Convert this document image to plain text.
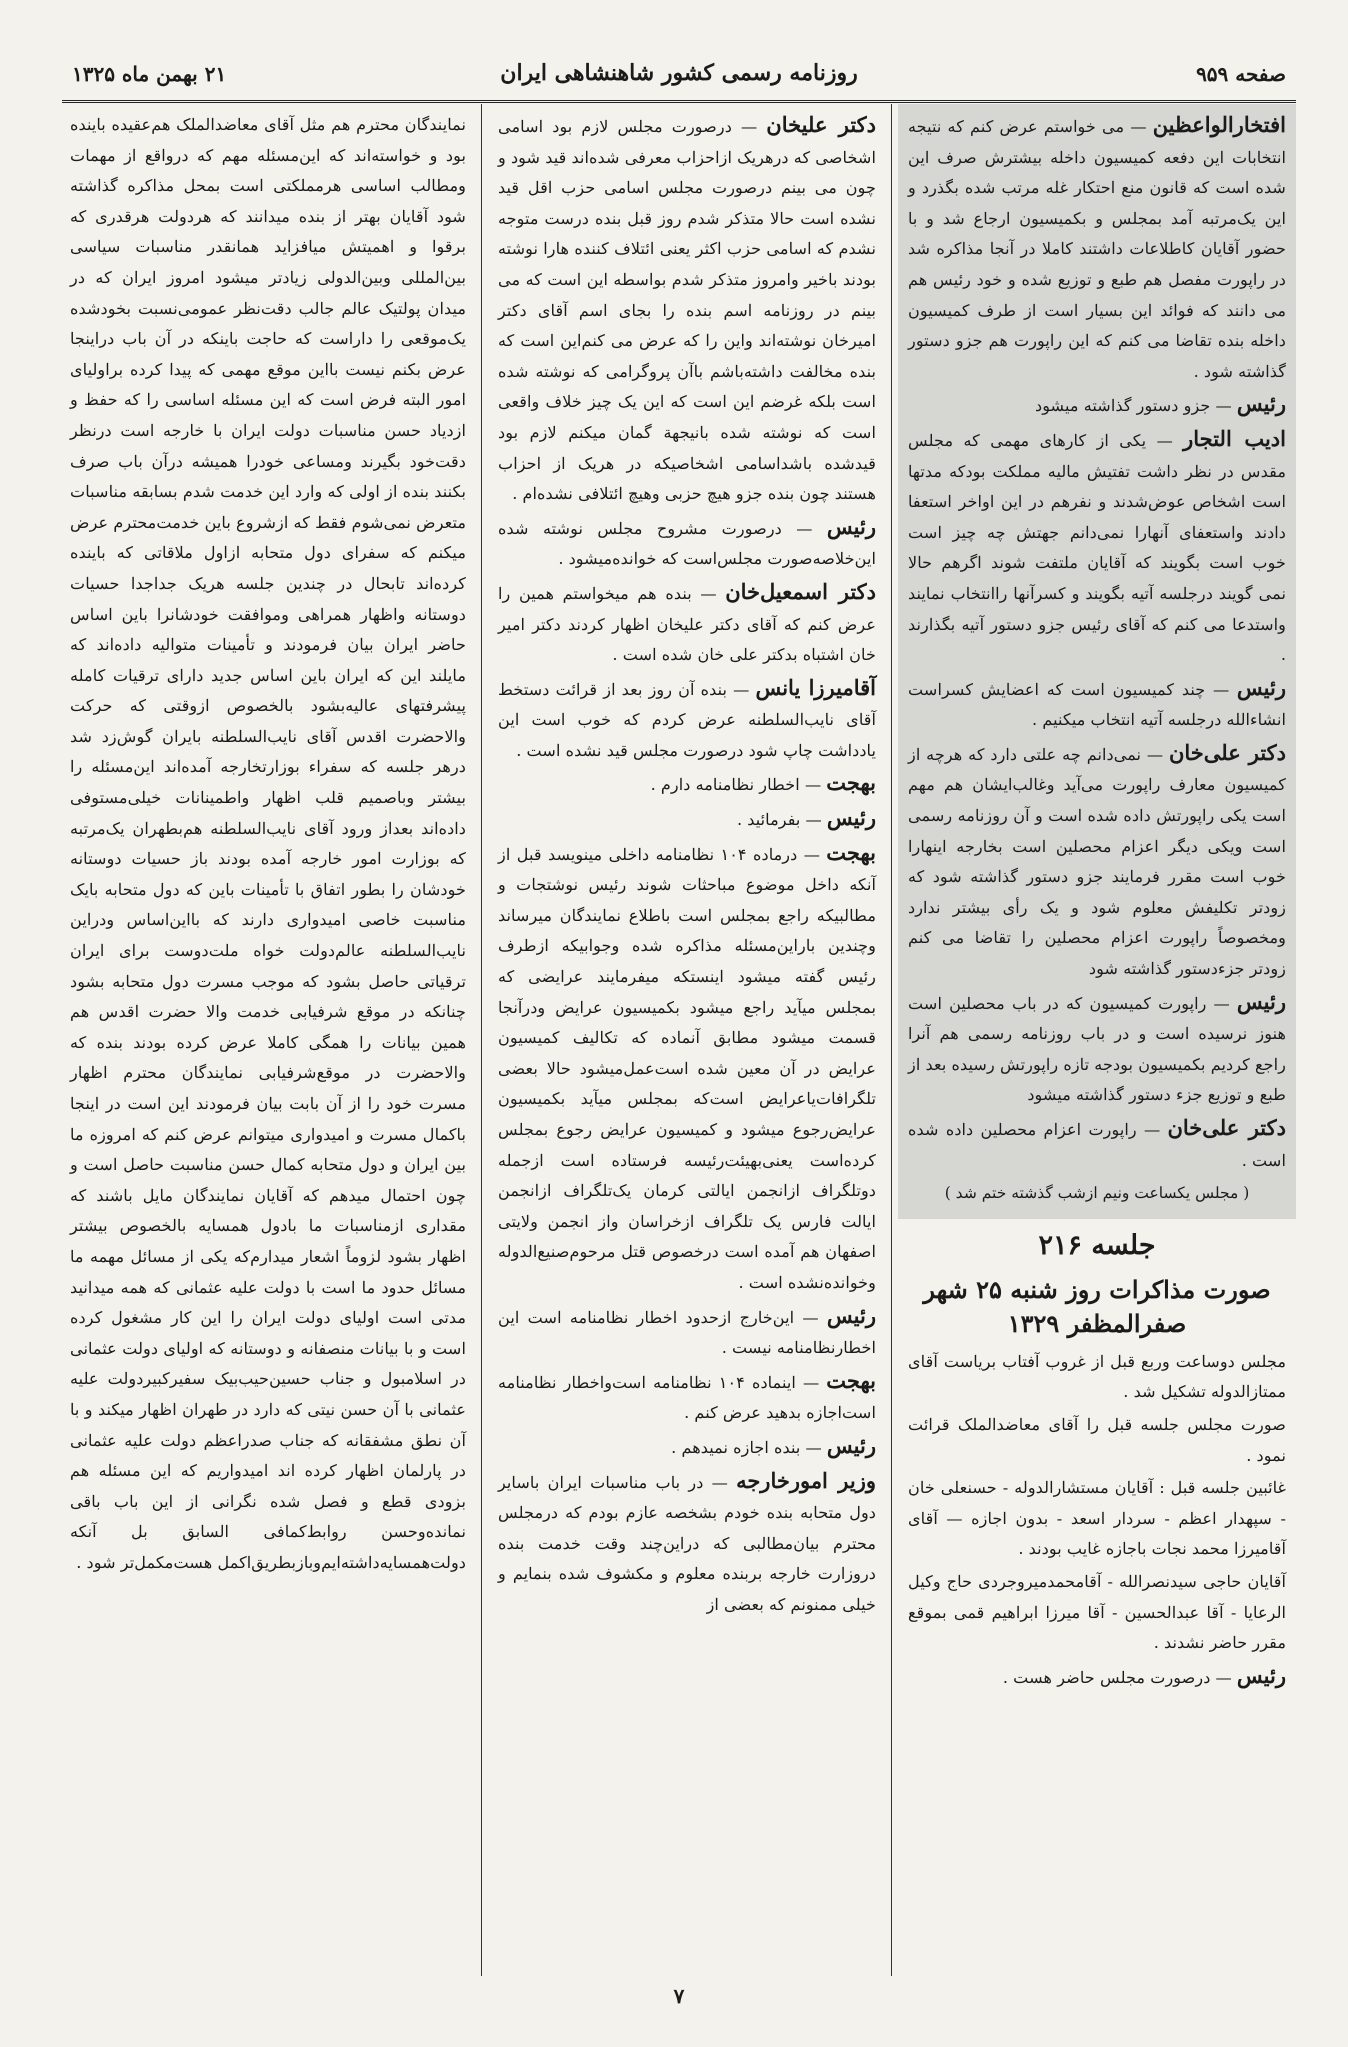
صفحه ۹۵۹
روزنامه رسمی کشور شاهنشاهی ایران
۲۱ بهمن ماه ۱۳۲۵

افتخارالواعظین — می خواستم عرض کنم که نتیجه انتخابات این دفعه کمیسیون داخله بیشترش صرف این شده است که قانون منع احتکار غله مرتب شده بگذرد و این یک‌مرتبه آمد بمجلس و بکمیسیون ارجاع شد و با حضور آقایان کاطلاعات داشتند کاملا در آنجا مذاکره شد در راپورت مفصل هم طبع و توزیع شده و خود رئیس هم می دانند که فوائد این بسیار است از طرف کمیسیون داخله بنده تقاضا می کنم که این راپورت هم جزو دستور گذاشته شود .

رئیس — جزو دستور گذاشته میشود

ادیب التجار — یکی از کارهای مهمی که مجلس مقدس در نظر داشت تفتیش مالیه مملکت بودکه مدتها است اشخاص عوض‌شدند و نفرهم در این اواخر استعفا دادند واستعفای آنهارا نمی‌دانم جهتش چه چیز است خوب است بگویند که آقایان ملتفت شوند اگرهم حالا نمی گویند درجلسه آتیه بگویند و کسرآنها راانتخاب نمایند واستدعا می کنم که آقای رئیس جزو دستور آتیه بگذارند .

رئیس — چند کمیسیون است که اعضایش کسراست انشاءالله درجلسه آتیه انتخاب میکنیم .

دکتر علی‌خان — نمی‌دانم چه علتی دارد که هرچه از کمیسیون معارف راپورت می‌آید وغالب‌ایشان هم مهم است یکی راپورتش داده شده است و آن روزنامه رسمی است ویکی دیگر اعزام محصلین است بخارجه اینهارا خوب است مقرر فرمایند جزو دستور گذاشته شود که زودتر تکلیفش معلوم شود و یک رأی بیشتر ندارد ومخصوصاً راپورت اعزام محصلین را تقاضا می کنم زودتر جزءدستور گذاشته شود

رئیس — راپورت کمیسیون که در باب محصلین است هنوز نرسیده است و در باب روزنامه رسمی هم آنرا راجع کردیم بکمیسیون بودجه تازه راپورتش رسیده بعد از طبع و توزیع جزء دستور گذاشته میشود

دکتر علی‌خان — راپورت اعزام محصلین داده شده است .

( مجلس یکساعت ونیم ازشب گذشته ختم شد )

جلسه ۲۱۶
صورت مذاکرات روز شنبه ۲۵ شهر صفرالمظفر ۱۳۲۹

مجلس دوساعت وربع قبل از غروب آفتاب بریاست آقای ممتازالدوله تشکیل شد .

صورت مجلس جلسه قبل را آقای معاضدالملک قرائت نمود .

غائبین جلسه قبل : آقایان مستشارالدوله - حسنعلی خان - سپهدار اعظم - سردار اسعد - بدون اجازه — آقای آقامیرزا محمد نجات باجازه غایب بودند .

آقایان حاجی سیدنصرالله - آقامحمدمیروجردی حاج وکیل الرعایا - آقا عبدالحسین - آقا میرزا ابراهیم قمی بموقع مقرر حاضر نشدند .

رئیس — درصورت مجلس حاضر هست .

دکتر علیخان — درصورت مجلس لازم بود اسامی اشخاصی که درهریک ازاحزاب معرفی شده‌اند قید شود و چون می بینم درصورت مجلس اسامی حزب اقل قید نشده است حالا متذکر شدم روز قبل بنده درست متوجه نشدم که اسامی حزب اکثر یعنی ائتلاف کننده هارا نوشته بودند باخیر وامروز متذکر شدم بواسطه این است که می بینم در روزنامه اسم بنده را بجای اسم آقای دکتر امیرخان نوشته‌اند واین را که عرض می کنم‌این است که بنده مخالفت داشته‌باشم باآن پروگرامی که نوشته شده است بلکه غرضم این است که این یک چیز خلاف واقعی است که نوشته شده بانیجهة گمان میکنم لازم بود قیدشده باشداسامی اشخاصیکه در هریک از احزاب هستند چون بنده جزو هیچ حزبی وهیچ ائتلافی نشده‌ام .

رئیس — درصورت مشروح مجلس نوشته شده این‌خلاصه‌صورت مجلس‌است که خوانده‌میشود .

دکتر اسمعیل‌خان — بنده هم میخواستم همین را عرض کنم که آقای دکتر علیخان اظهار کردند دکتر امیر خان اشتباه بدکتر علی خان شده است .

آقامیرزا یانس — بنده آن روز بعد از قرائت دستخط آقای نایب‌السلطنه عرض کردم که خوب است این یادداشت چاپ شود درصورت مجلس قید نشده است .

بهجت — اخطار نظامنامه دارم .

رئیس — بفرمائید .

بهجت — درماده ۱۰۴ نظامنامه داخلی مینویسد قبل از آنکه داخل موضوع مباحثات شوند رئیس نوشتجات و مطالبیکه راجع بمجلس است باطلاع نمایندگان میرساند وچندین بار‌این‌مسئله مذاکره شده وجوابیکه ازطرف رئیس گفته میشود اینستکه میفرمایند عرایضی که بمجلس میآید راجع میشود بکمیسیون عرایض ودرآنجا قسمت میشود مطابق آنماده که تکالیف کمیسیون عرایض در آن معین شده است‌عمل‌میشود حالا بعضی تلگرافات‌یاعرایض است‌که بمجلس میآید بکمیسیون عرایض‌رجوع میشود و کمیسیون عرایض رجوع بمجلس کرده‌است یعنی‌بهیئت‌رئیسه فرستاده است ازجمله دوتلگراف ازانجمن ایالتی کرمان یک‌تلگراف ازانجمن ایالت فارس یک تلگراف ازخراسان واز انجمن ولایتی اصفهان هم آمده است درخصوص قتل مرحوم‌صنیع‌الدوله وخوانده‌نشده است .

رئیس — این‌خارج ازحدود اخطار نظامنامه است این اخطارنظامنامه نیست .

بهجت — اینماده ۱۰۴ نظامنامه است‌واخطار نظامنامه است‌اجازه بدهید عرض کنم .

رئیس — بنده اجازه نمیدهم .

وزیر امورخارجه — در باب مناسبات ایران باسایر دول متحابه بنده خودم بشخصه عازم بودم که درمجلس محترم بیان‌مطالبی که دراین‌چند وقت خدمت بنده دروزارت خارجه بربنده معلوم و مکشوف شده بنمایم و خیلی ممنونم که بعضی از

نمایندگان محترم هم مثل آقای معاضدالملک هم‌عقیده باینده بود و خواسته‌اند که این‌مسئله مهم که درواقع از مهمات ومطالب اساسی هرمملکتی است بمحل مذاکره گذاشته شود آقایان بهتر از بنده میدانند که هردولت هرقدری که برقوا و اهمیتش میافزاید همانقدر مناسبات سیاسی بین‌المللی وبین‌الدولی زیادتر میشود امروز ایران که در میدان پولتیک عالم جالب دقت‌نظر عمومی‌نسبت بخودشده یک‌موقعی را داراست که حاجت باینکه در آن باب دراینجا عرض بکنم نیست بااین موقع مهمی که پیدا کرده براولیای امور البته فرض است که این مسئله اساسی را که حفظ و ازدیاد حسن مناسبات دولت ایران با خارجه است درنظر دقت‌خود بگیرند ومساعی خودرا همیشه درآن باب صرف بکنند بنده از اولی که وارد این خدمت شدم بسابقه مناسبات متعرض نمی‌شوم فقط که ازشروع باین خدمت‌محترم عرض میکنم که سفرای دول متحابه ازاول ملاقاتی که باینده کرده‌اند تابحال در چندین جلسه هریک جداجدا حسیات دوستانه واظهار همراهی وموافقت خودشانرا باین اساس حاضر ایران بیان فرمودند و تأمینات متوالیه داده‌اند که مایلند این که ایران باین اساس جدید دارای ترقیات کامله پیشرفتهای عالیه‌بشود بالخصوص ازوقتی که حرکت والاحضرت اقدس آقای نایب‌السلطنه بایران گوش‌زد شد درهر جلسه که سفراء بوزارتخارجه آمده‌اند این‌مسئله را بیشتر وباصمیم قلب اظهار واطمینانات خیلی‌مستوفی داده‌اند بعداز ورود آقای نایب‌السلطنه هم‌بطهران یک‌مرتبه که بوزارت امور خارجه آمده بودند باز حسیات دوستانه خودشان را بطور اتفاق با تأمینات باین که دول متحابه بایک مناسبت خاصی امیدواری دارند که بااین‌اساس ودراین نایب‌السلطنه عالم‌دولت خواه ملت‌دوست برای ایران ترقیاتی حاصل بشود که موجب مسرت دول متحابه بشود چنانکه در موقع شرفیابی خدمت والا حضرت اقدس هم همین بیانات را همگی کاملا عرض کرده بودند بنده که والاحضرت در موقع‌شرفیابی نمایندگان محترم اظهار مسرت خود را از آن بابت بیان فرمودند این است در اینجا باکمال مسرت و امیدواری میتوانم عرض کنم که امروزه ما بین ایران و دول متحابه کمال حسن مناسبت حاصل است و چون احتمال میدهم که آقایان نمایندگان مایل باشند که مقداری ازمناسبات ما بادول همسایه بالخصوص بیشتر اظهار بشود لزوماً اشعار میدارم‌که یکی از مسائل مهمه ما مسائل حدود ما است با دولت علیه عثمانی که همه میدانید مدتی است اولیای دولت ایران را این کار مشغول کرده است و با بیانات منصفانه و دوستانه که اولیای دولت عثمانی در اسلامبول و جناب حسین‌حیب‌بیک سفیرکبیر‌دولت علیه عثمانی با آن حسن نیتی که دارد در طهران اظهار میکند و با آن نطق مشفقانه که جناب صدراعظم دولت علیه عثمانی در پارلمان اظهار کرده اند امیدواریم که این مسئله هم بزودی قطع و فصل شده نگرانی از این باب باقی نمانده‌وحسن روابط‌کمافی السابق بل آنکه دولت‌همسایه‌داشته‌ایم‌وبازبطریق‌اکمل هست‌مکمل‌تر شود .

۷
